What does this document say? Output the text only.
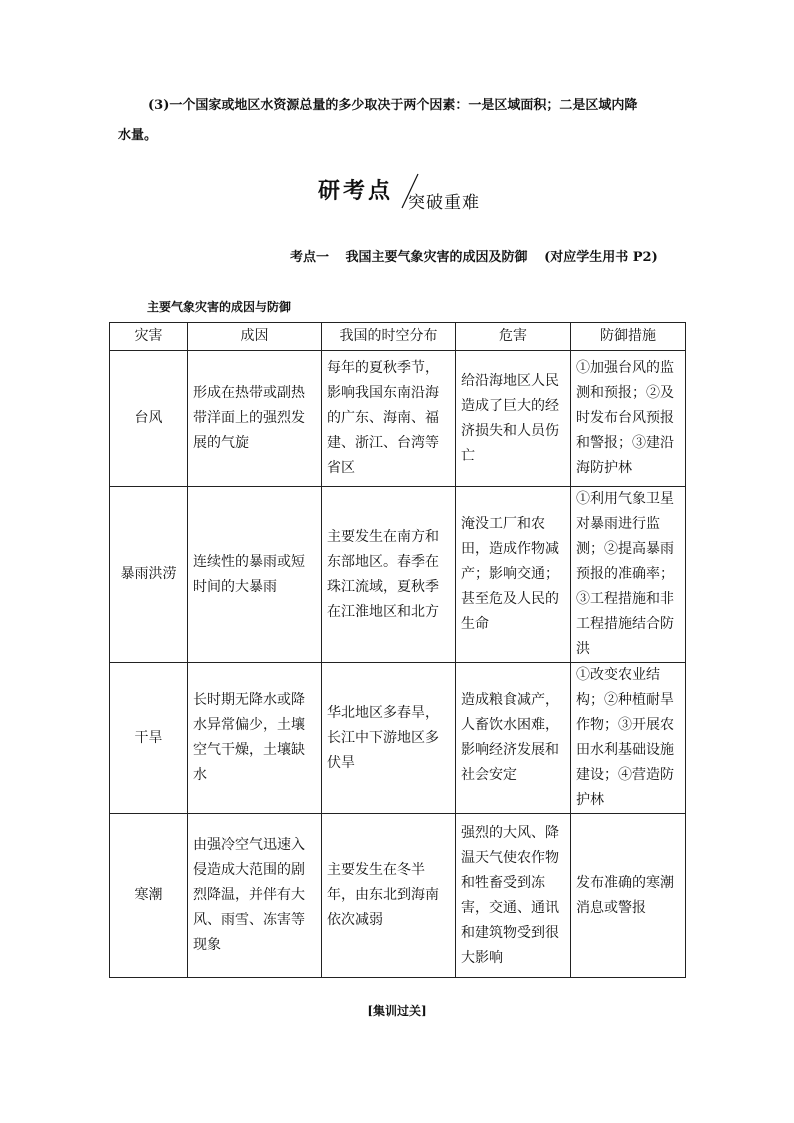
(3)一个国家或地区水资源总量的多少取决于两个因素：一是区域面积；二是区域内降
水量。
研考点 突破重难
考点一 我国主要气象灾害的成因及防御 (对应学生用书 P2)
主要气象灾害的成因与防御
灾害	成因	我国的时空分布	危害	防御措施
台风	形成在热带或副热带洋面上的强烈发展的气旋	每年的夏秋季节，影响我国东南沿海的广东、海南、福建、浙江、台湾等省区	给沿海地区人民造成了巨大的经济损失和人员伤亡	①加强台风的监测和预报；②及时发布台风预报和警报；③建沿海防护林
暴雨洪涝	连续性的暴雨或短时间的大暴雨	主要发生在南方和东部地区。春季在珠江流域，夏秋季在江淮地区和北方	淹没工厂和农田，造成作物减产；影响交通；甚至危及人民的生命	①利用气象卫星对暴雨进行监测；②提高暴雨预报的准确率；③工程措施和非工程措施结合防洪
干旱	长时期无降水或降水异常偏少，土壤空气干燥，土壤缺水	华北地区多春旱，长江中下游地区多伏旱	造成粮食减产，人畜饮水困难，影响经济发展和社会安定	①改变农业结构；②种植耐旱作物；③开展农田水利基础设施建设；④营造防护林
寒潮	由强冷空气迅速入侵造成大范围的剧烈降温，并伴有大风、雨雪、冻害等现象	主要发生在冬半年，由东北到海南依次减弱	强烈的大风、降温天气使农作物和牲畜受到冻害，交通、通讯和建筑物受到很大影响	发布准确的寒潮消息或警报
[集训过关]
